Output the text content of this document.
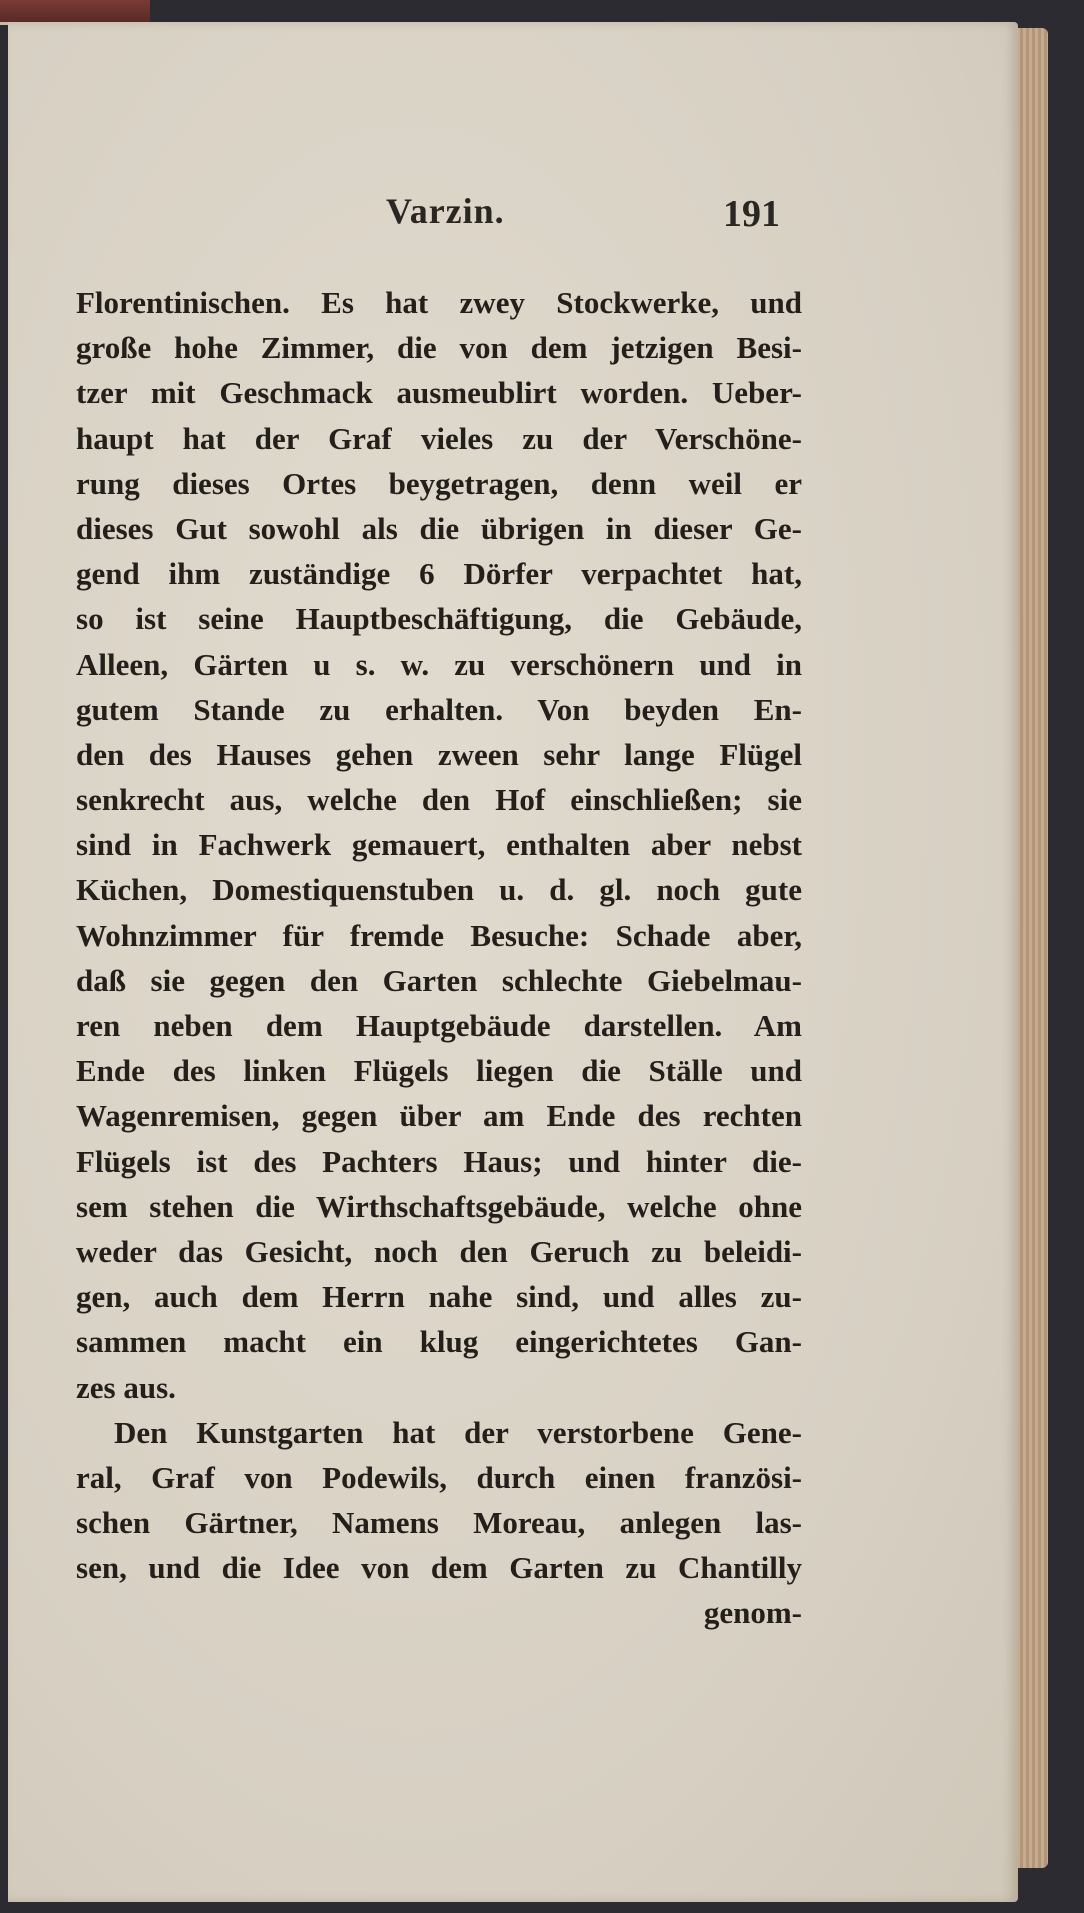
Varzin.	191
Florentinischen. Es hat zwey Stockwerke, und
große hohe Zimmer, die von dem jetzigen Besi-
tzer mit Geschmack ausmeublirt worden. Ueber-
haupt hat der Graf vieles zu der Verschöne-
rung dieses Ortes beygetragen, denn weil er
dieses Gut sowohl als die übrigen in dieser Ge-
gend ihm zuständige 6 Dörfer verpachtet hat,
so ist seine Hauptbeschäftigung, die Gebäude,
Alleen, Gärten u s. w. zu verschönern und in
gutem Stande zu erhalten. Von beyden En-
den des Hauses gehen zween sehr lange Flügel
senkrecht aus, welche den Hof einschließen; sie
sind in Fachwerk gemauert, enthalten aber nebst
Küchen, Domestiquenstuben u. d. gl. noch gute
Wohnzimmer für fremde Besuche: Schade aber,
daß sie gegen den Garten schlechte Giebelmau-
ren neben dem Hauptgebäude darstellen. Am
Ende des linken Flügels liegen die Ställe und
Wagenremisen, gegen über am Ende des rechten
Flügels ist des Pachters Haus; und hinter die-
sem stehen die Wirthschaftsgebäude, welche ohne
weder das Gesicht, noch den Geruch zu beleidi-
gen, auch dem Herrn nahe sind, und alles zu-
sammen macht ein klug eingerichtetes Gan-
zes aus.
Den Kunstgarten hat der verstorbene Gene-
ral, Graf von Podewils, durch einen französi-
schen Gärtner, Namens Moreau, anlegen las-
sen, und die Idee von dem Garten zu Chantilly
genom-
